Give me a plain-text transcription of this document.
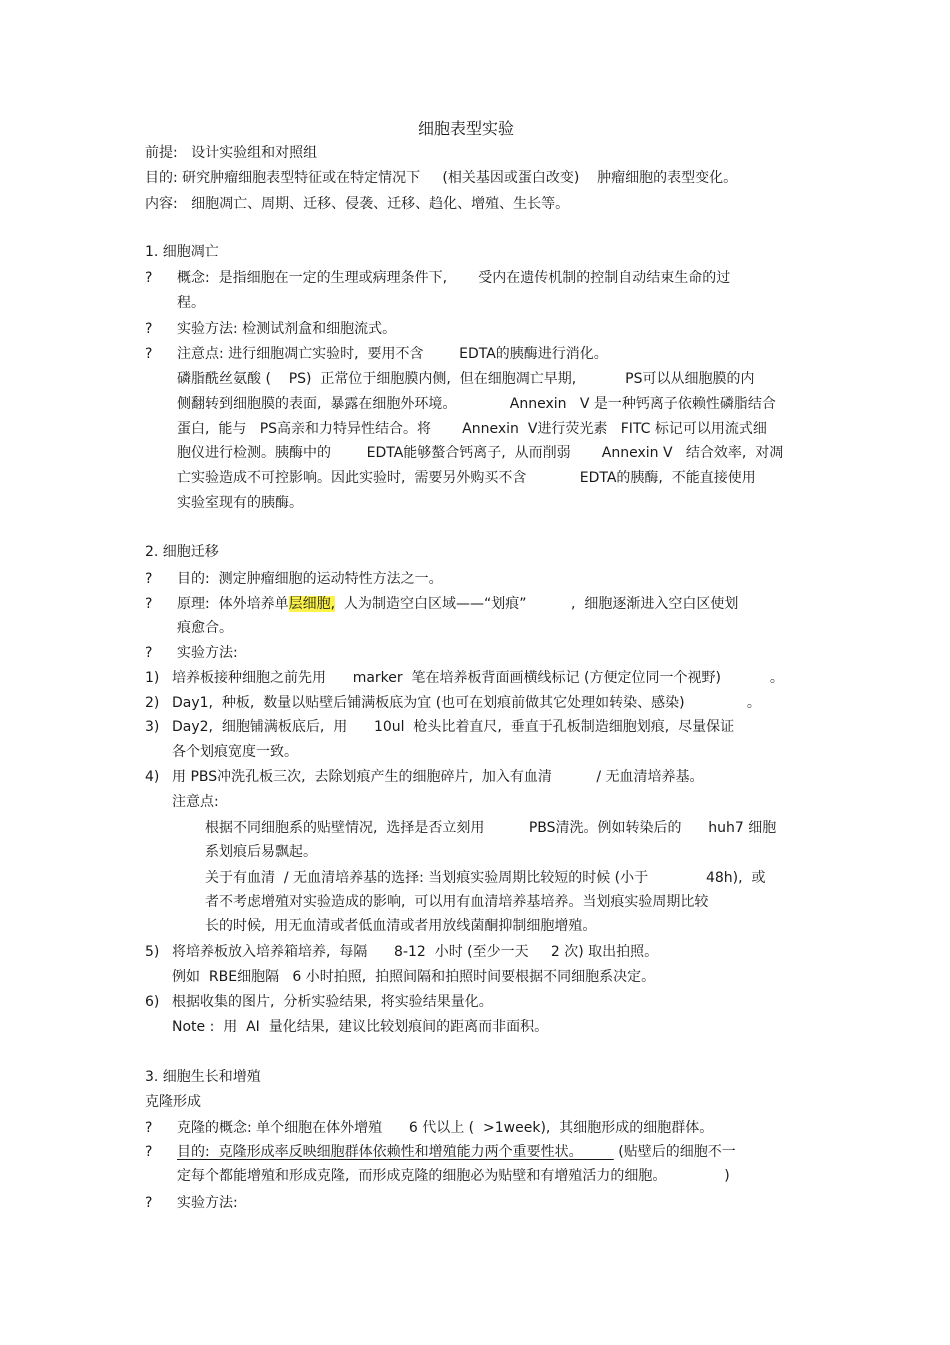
细胞表型实验
前提:   设计实验组和对照组
目的: 研究肿瘤细胞表型特征或在特定情况下     (相关基因或蛋白改变)    肿瘤细胞的表型变化。
内容:   细胞凋亡、周期、迁移、侵袭、迁移、趋化、增殖、生长等。
1. 细胞凋亡
? 概念:  是指细胞在一定的生理或病理条件下,       受内在遗传机制的控制自动结束生命的过
程。
? 实验方法: 检测试剂盒和细胞流式。
? 注意点: 进行细胞凋亡实验时,  要用不含        EDTA的胰酶进行消化。
磷脂酰丝氨酸 (    PS)  正常位于细胞膜内侧,  但在细胞凋亡早期,           PS可以从细胞膜的内
侧翻转到细胞膜的表面,  暴露在细胞外环境。            Annexin   V 是一种钙离子依赖性磷脂结合
蛋白,  能与   PS高亲和力特异性结合。将       Annexin  V进行荧光素   FITC 标记可以用流式细
胞仪进行检测。胰酶中的        EDTA能够螯合钙离子,  从而削弱       Annexin V   结合效率,  对凋
亡实验造成不可控影响。因此实验时,  需要另外购买不含            EDTA的胰酶,  不能直接使用
实验室现有的胰酶。
2. 细胞迁移
? 目的:  测定肿瘤细胞的运动特性方法之一。
? 原理:  体外培养单层细胞,  人为制造空白区域——“划痕”          ,  细胞逐渐进入空白区使划
痕愈合。
? 实验方法:
1) 培养板接种细胞之前先用      marker  笔在培养板背面画横线标记 (方便定位同一个视野)           。
2) Day1,  种板,  数量以贴壁后铺满板底为宜 (也可在划痕前做其它处理如转染、感染)              。
3) Day2,  细胞铺满板底后,  用      10ul  枪头比着直尺,  垂直于孔板制造细胞划痕,  尽量保证
各个划痕宽度一致。
4) 用 PBS冲洗孔板三次,  去除划痕产生的细胞碎片,  加入有血清          / 无血清培养基。
注意点:
根据不同细胞系的贴壁情况,  选择是否立刻用          PBS清洗。例如转染后的      huh7 细胞
系划痕后易飘起。
关于有血清  / 无血清培养基的选择: 当划痕实验周期比较短的时候 (小于             48h),  或
者不考虑增殖对实验造成的影响,  可以用有血清培养基培养。当划痕实验周期比较
长的时候,  用无血清或者低血清或者用放线菌酮抑制细胞增殖。
5) 将培养板放入培养箱培养,  每隔      8-12  小时 (至少一天     2 次) 取出拍照。
例如  RBE细胞隔   6 小时拍照,  拍照间隔和拍照时间要根据不同细胞系决定。
6) 根据收集的图片,  分析实验结果,  将实验结果量化。
Note :  用  AI  量化结果,  建议比较划痕间的距离而非面积。
3. 细胞生长和增殖
克隆形成
? 克隆的概念: 单个细胞在体外增殖      6 代以上 (  >1week),  其细胞形成的细胞群体。
? 目的:  克隆形成率反映细胞群体依赖性和增殖能力两个重要性状。        (贴壁后的细胞不一
定每个都能增殖和形成克隆,  而形成克隆的细胞必为贴壁和有增殖活力的细胞。             )
? 实验方法:
